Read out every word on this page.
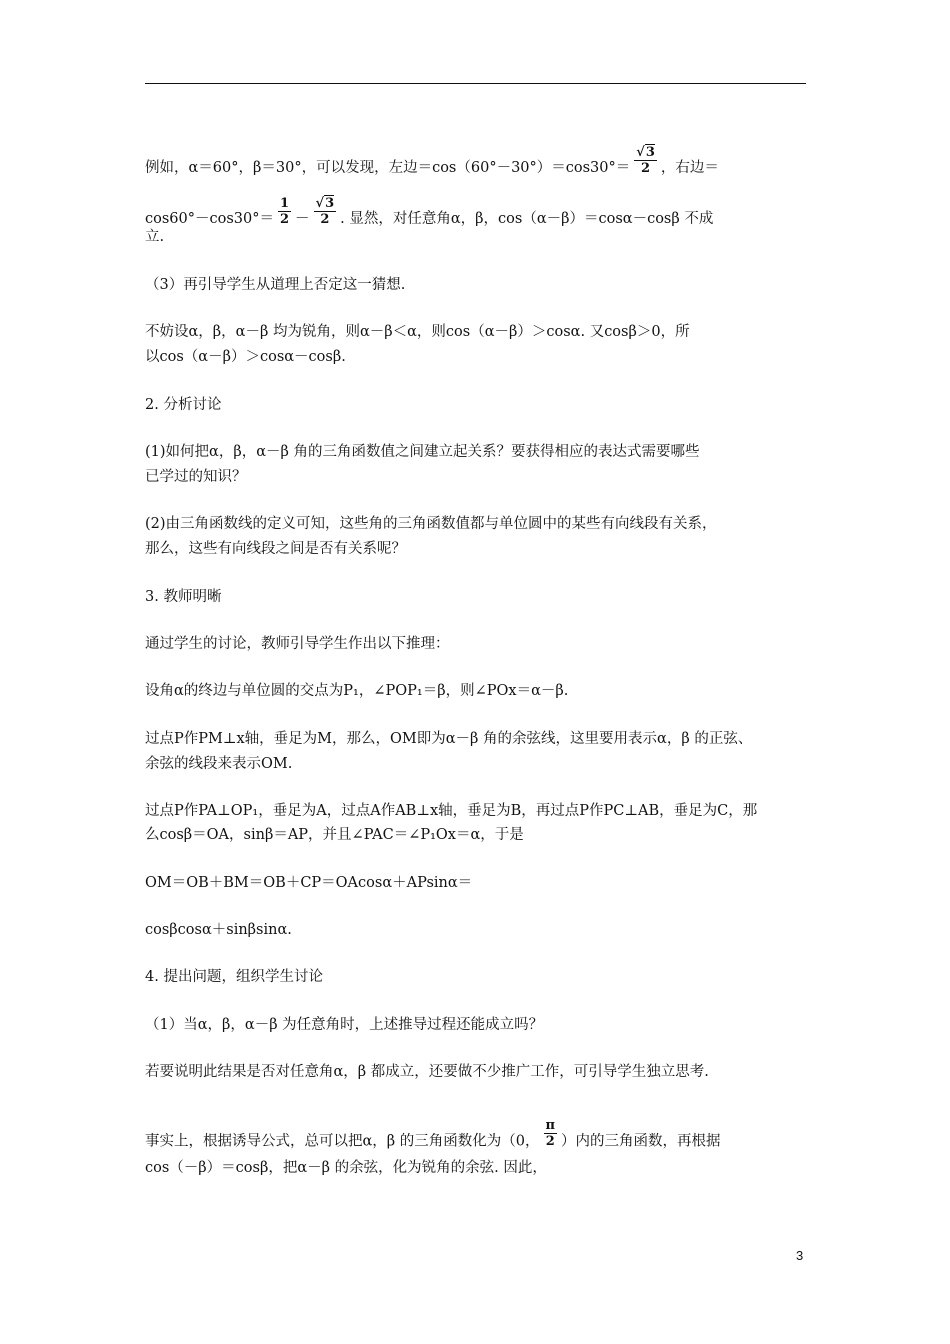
例如，α＝60°，β＝30°，可以发现，左边$=\cos(60^\circ-30^\circ)=\cos 30^\circ= \frac{√3}{2}$ ，右边＝
$\cos 60^\circ-\cos 30^\circ= \frac{1}{2} - \frac{√3}{2}$ . 显然，对任意角α，β，cos（α－β）＝cosα－cosβ 不成
立.
（3）再引导学生从道理上否定这一猜想.
不妨设α，β，α－β 均为锐角，则α－β＜α，则cos（α－β）＞cosα. 又cosβ＞0，所
以cos（α－β）＞cosα－cosβ.
2. 分析讨论
(1)如何把α，β，α－β 角的三角函数值之间建立起关系？要获得相应的表达式需要哪些
已学过的知识？
(2)由三角函数线的定义可知，这些角的三角函数值都与单位圆中的某些有向线段有关系，
那么，这些有向线段之间是否有关系呢？
3. 教师明晰
通过学生的讨论，教师引导学生作出以下推理：
设角α的终边与单位圆的交点为P₁，∠POP₁＝β，则∠POx＝α－β.
过点P作PM⊥x轴，垂足为M，那么，OM即为α－β 角的余弦线，这里要用表示α，β 的正弦、
余弦的线段来表示OM.
过点P作PA⊥OP₁，垂足为A，过点A作AB⊥x轴，垂足为B，再过点P作PC⊥AB，垂足为C，那
么cosβ＝OA，sinβ＝AP，并且∠PAC＝∠P₁Ox＝α，于是
OM＝OB＋BM＝OB＋CP＝OAcosα＋APsinα＝
cosβcosα＋sinβsinα.
4. 提出问题，组织学生讨论
（1）当α，β，α－β 为任意角时，上述推导过程还能成立吗？
若要说明此结果是否对任意角α，β 都成立，还要做不少推广工作，可引导学生独立思考.
事实上，根据诱导公式，总可以把α，β 的三角函数化为（0， $\frac{\pi}{2}$ ）内的三角函数，再根据
cos（－β）＝cosβ，把α－β 的余弦，化为锐角的余弦. 因此，
3
